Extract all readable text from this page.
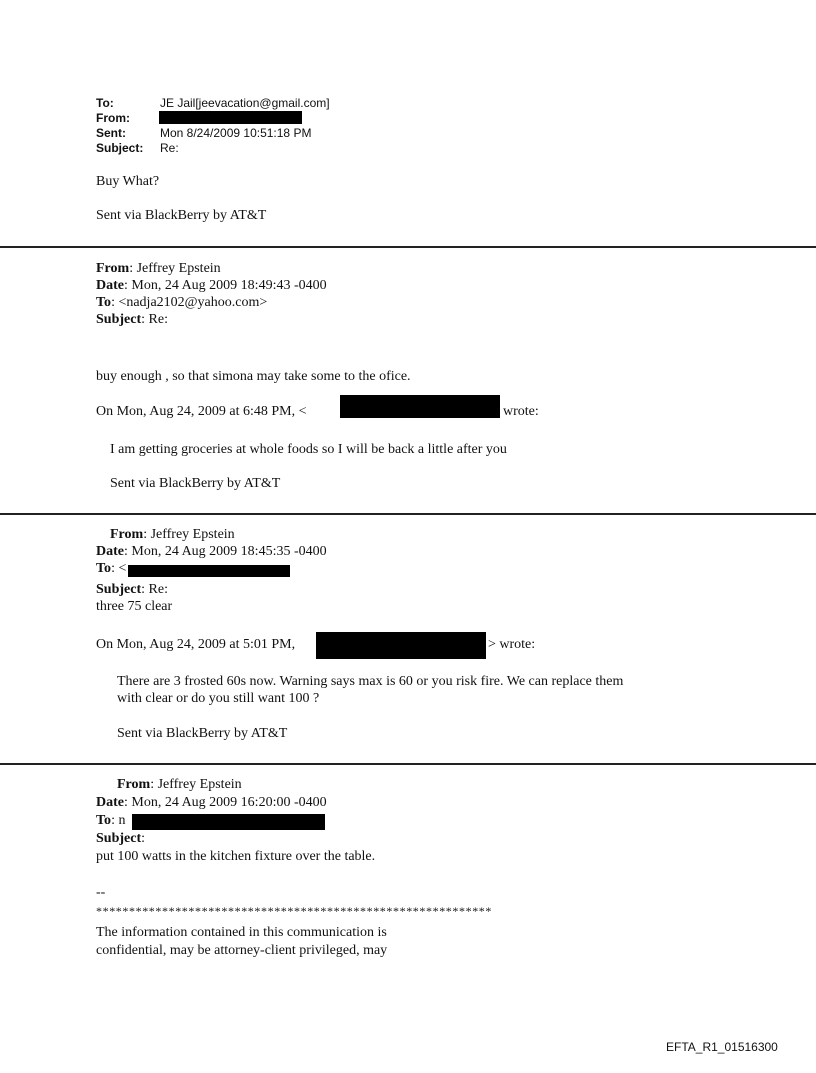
To:	JE Jail[jeevacation@gmail.com]
From:
Sent:	Mon 8/24/2009 10:51:18 PM
Subject: Re:
Buy What?
Sent via BlackBerry by AT&T
From: Jeffrey Epstein
Date: Mon, 24 Aug 2009 18:49:43 -0400
To: <nadja2102@yahoo.com>
Subject: Re:
buy enough , so that simona may take some to the ofice.
On Mon, Aug 24, 2009 at 6:48 PM, <	wrote:
I am getting groceries at whole foods so I will be back a little after you
Sent via BlackBerry by AT&T
From: Jeffrey Epstein
Date: Mon, 24 Aug 2009 18:45:35 -0400
To: <
Subject: Re:
three 75 clear
On Mon, Aug 24, 2009 at 5:01 PM,	> wrote:
There are 3 frosted 60s now. Warning says max is 60 or you risk fire. We can replace them
with clear or do you still want 100 ?
Sent via BlackBerry by AT&T
From: Jeffrey Epstein
Date: Mon, 24 Aug 2009 16:20:00 -0400
To: n
Subject:
put 100 watts in the kitchen fixture over the table.
--
************************************************************
The information contained in this communication is
confidential, may be attorney-client privileged, may
EFTA_R1_01516300
